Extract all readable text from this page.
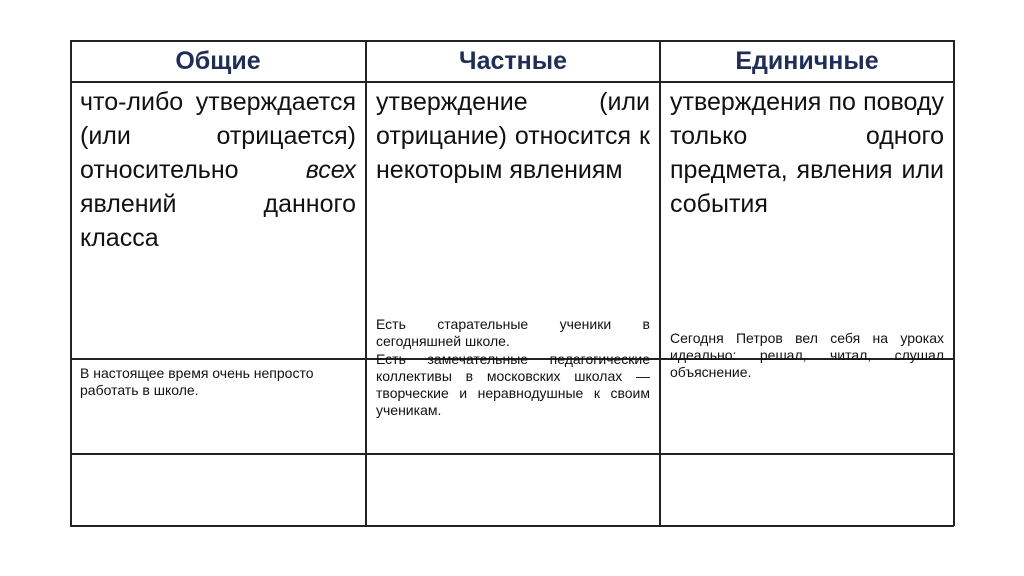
Общие	Частные	Единичные
что-либо утверждается (или отрицается) относительно всех явлений данного класса
утверждение (или отрицание) относится к некоторым явлениям
утверждения по поводу только одного предмета, явления или события
Есть старательные ученики в сегодняшней школе.
Есть замечательные педагогические коллективы в московских школах — творческие и неравнодушные к своим ученикам.
Сегодня Петров вел себя на уроках идеально: решал, читал, слушал объяснение.
В настоящее время очень непросто работать в школе.
